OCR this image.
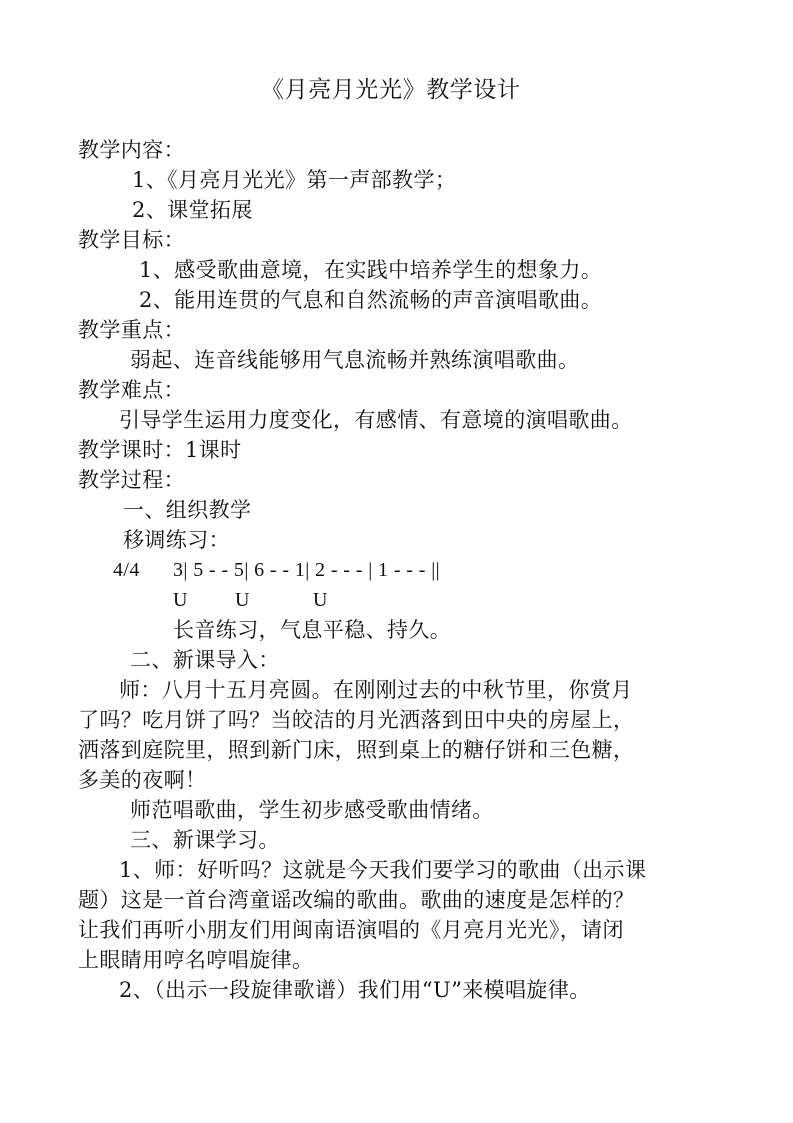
《月亮月光光》教学设计
教学内容：
1、《月亮月光光》第一声部教学；
2、课堂拓展
教学目标：
1、感受歌曲意境，在实践中培养学生的想象力。
2、能用连贯的气息和自然流畅的声音演唱歌曲。
教学重点：
弱起、连音线能够用气息流畅并熟练演唱歌曲。
教学难点：
引导学生运用力度变化，有感情、有意境的演唱歌曲。
教学课时：1课时
教学过程：
一、组织教学
移调练习：
4/4 3| 5 - - 5| 6 - - 1| 2 - - - | 1 - - - ||
U U	U
长音练习，气息平稳、持久。
二、新课导入：
师：八月十五月亮圆。在刚刚过去的中秋节里，你赏月
了吗？吃月饼了吗？当皎洁的月光洒落到田中央的房屋上，
洒落到庭院里，照到新门床，照到桌上的糖仔饼和三色糖，
多美的夜啊！
师范唱歌曲，学生初步感受歌曲情绪。
三、新课学习。
1、师：好听吗？这就是今天我们要学习的歌曲（出示课
题）这是一首台湾童谣改编的歌曲。歌曲的速度是怎样的？
让我们再听小朋友们用闽南语演唱的《月亮月光光》，请闭
上眼睛用哼名哼唱旋律。
2、（出示一段旋律歌谱）我们用“U”来模唱旋律。
